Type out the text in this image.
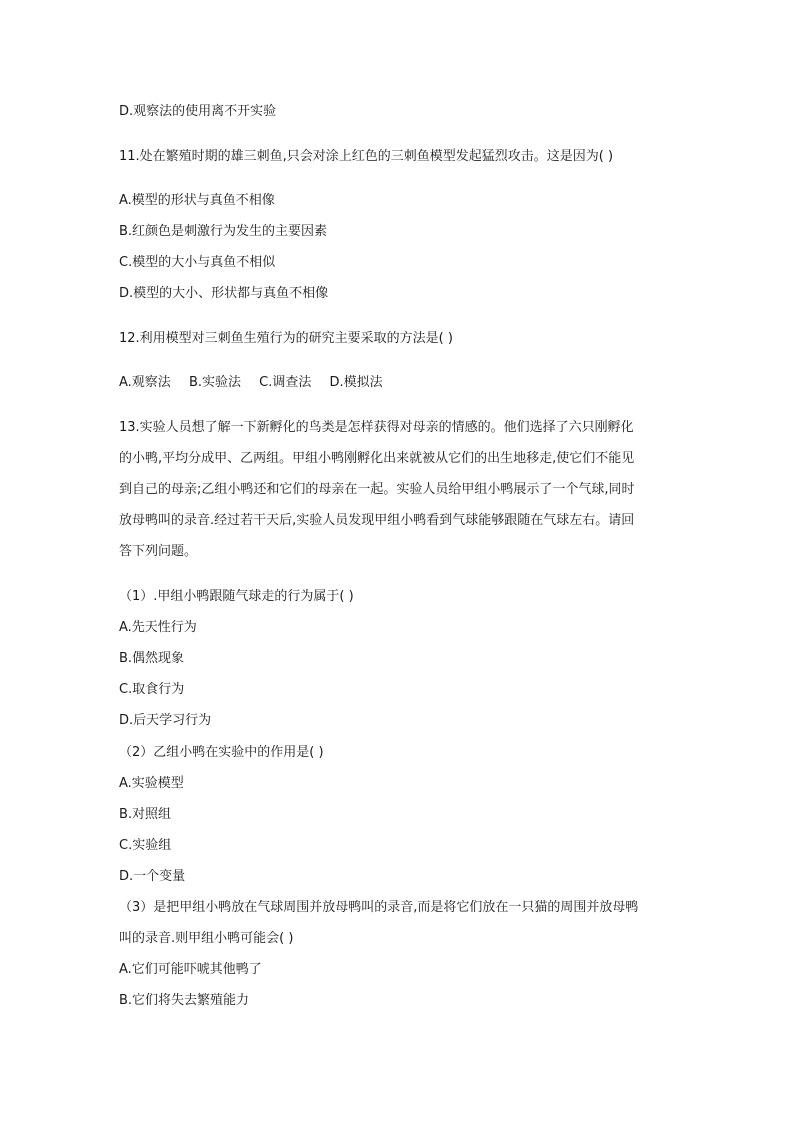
D.观察法的使用离不开实验
11.处在繁殖时期的雄三刺鱼,只会对涂上红色的三刺鱼模型发起猛烈攻击。这是因为( )
A.模型的形状与真鱼不相像
B.红颜色是刺激行为发生的主要因素
C.模型的大小与真鱼不相似
D.模型的大小、形状都与真鱼不相像
12.利用模型对三刺鱼生殖行为的研究主要采取的方法是( )
A.观察法 B.实验法 C.调查法 D.模拟法
13.实验人员想了解一下新孵化的鸟类是怎样获得对母亲的情感的。他们选择了六只刚孵化
的小鸭,平均分成甲、乙两组。甲组小鸭刚孵化出来就被从它们的出生地移走,使它们不能见
到自己的母亲;乙组小鸭还和它们的母亲在一起。实验人员给甲组小鸭展示了一个气球,同时
放母鸭叫的录音.经过若干天后,实验人员发现甲组小鸭看到气球能够跟随在气球左右。请回
答下列问题。
（1）.甲组小鸭跟随气球走的行为属于( )
A.先天性行为
B.偶然现象
C.取食行为
D.后天学习行为
（2）乙组小鸭在实验中的作用是( )
A.实验模型
B.对照组
C.实验组
D.一个变量
（3）是把甲组小鸭放在气球周围并放母鸭叫的录音,而是将它们放在一只猫的周围并放母鸭
叫的录音.则甲组小鸭可能会( )
A.它们可能吓唬其他鸭了
B.它们将失去繁殖能力
